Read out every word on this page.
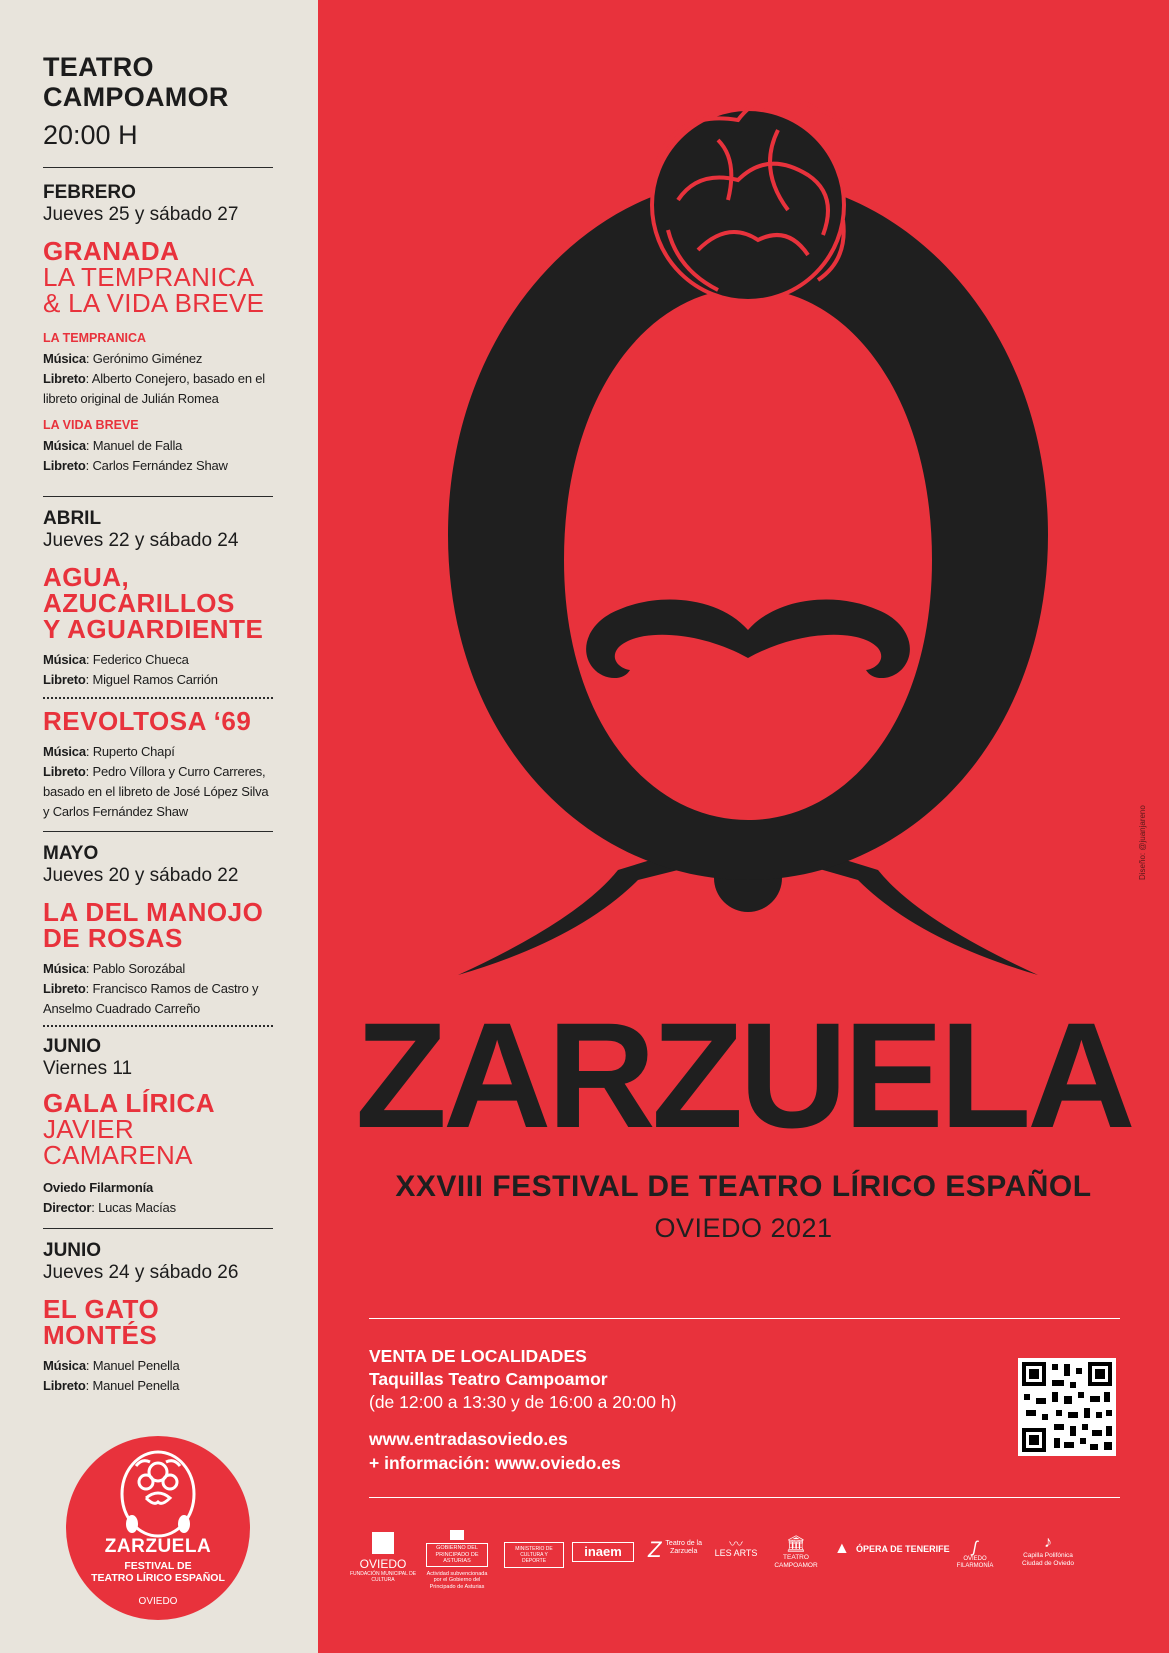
TEATRO
CAMPOAMOR
20:00 H
FEBRERO
Jueves 25 y sábado 27
GRANADA
LA TEMPRANICA
& LA VIDA BREVE
LA TEMPRANICA
Música: Gerónimo Giménez
Libreto: Alberto Conejero, basado en el libreto original de Julián Romea
LA VIDA BREVE
Música: Manuel de Falla
Libreto: Carlos Fernández Shaw
ABRIL
Jueves 22 y sábado 24
AGUA,
AZUCARILLOS
Y AGUARDIENTE
Música: Federico Chueca
Libreto: Miguel Ramos Carrión
REVOLTOSA ‘69
Música: Ruperto Chapí
Libreto: Pedro Víllora y Curro Carreres, basado en el libreto de José López Silva y Carlos Fernández Shaw
MAYO
Jueves 20 y sábado 22
LA DEL MANOJO
DE ROSAS
Música: Pablo Sorozábal
Libreto: Francisco Ramos de Castro y Anselmo Cuadrado Carreño
JUNIO
Viernes 11
GALA LÍRICA
JAVIER
CAMARENA
Oviedo Filarmonía
Director: Lucas Macías
JUNIO
Jueves 24 y sábado 26
EL GATO
MONTÉS
Música: Manuel Penella
Libreto: Manuel Penella
ZARZUELA
FESTIVAL DE
TEATRO LÍRICO ESPAÑOL
OVIEDO
Diseño: @juanjareno
ZARZUELA
XXVIII FESTIVAL DE TEATRO LÍRICO ESPAÑOL
OVIEDO 2021
VENTA DE LOCALIDADES
Taquillas Teatro Campoamor
(de 12:00 a 13:30 y de 16:00 a 20:00 h)
www.entradasoviedo.es
+ información: www.oviedo.es
OVIEDO
FUNDACIÓN MUNICIPAL DE CULTURA
GOBIERNO DEL PRINCIPADO DE ASTURIAS
Actividad subvencionada por el Gobierno del Principado de Asturias
MINISTERIO DE CULTURA Y DEPORTE
inaem	Z Teatro de la Zarzuela	〰
LES ARTS	🏛
TEATRO CAMPOAMOR
▲ ÓPERA DE TENERIFE	ʃ
OVIEDO FILARMONÍA
♪
Capilla Polifónica Ciudad de Oviedo
